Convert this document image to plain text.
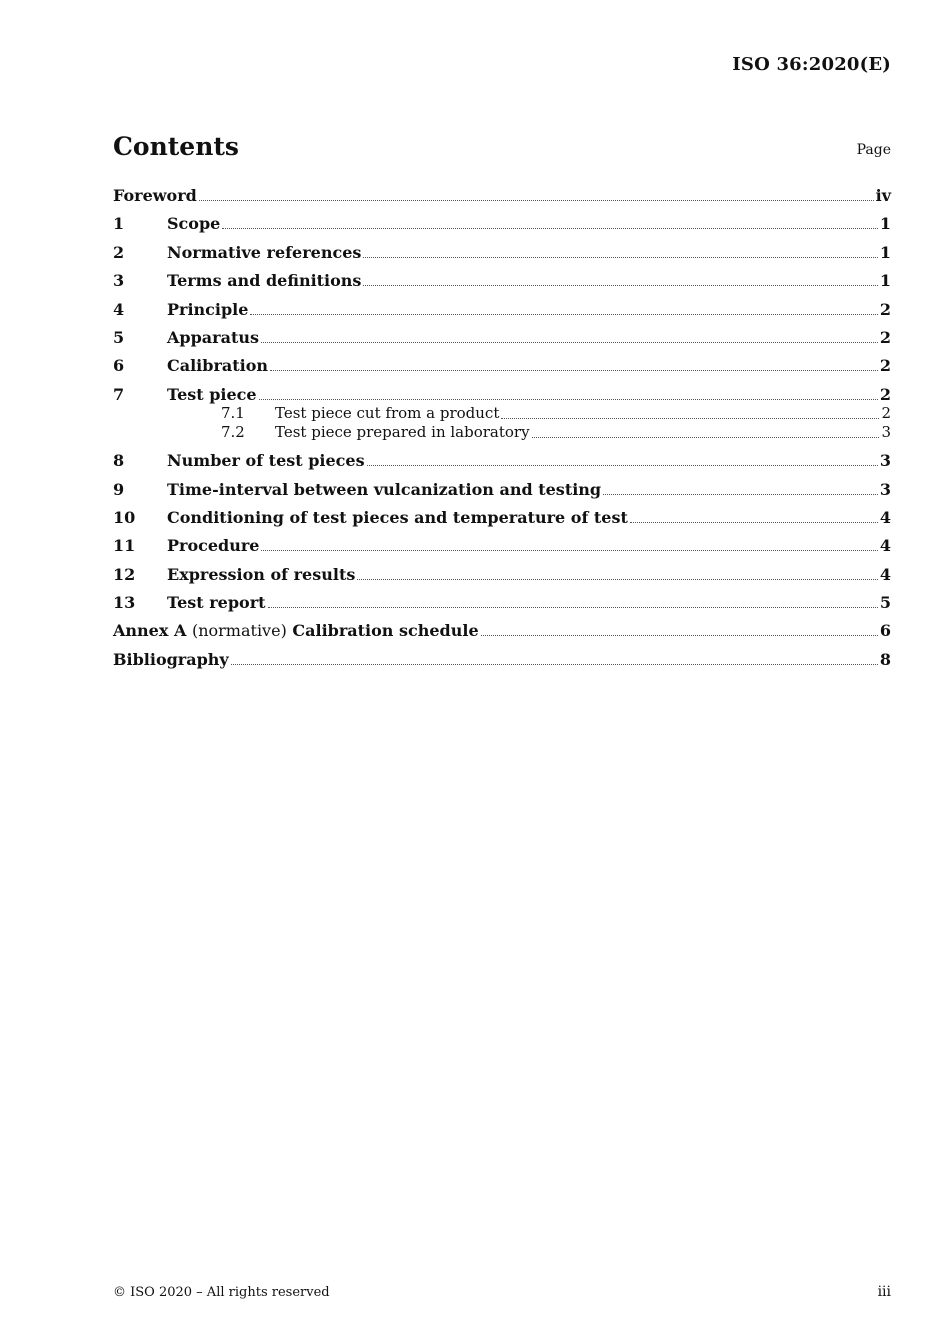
ISO 36:2020(E)
Contents	Page
Foreword	iv
1	Scope	1
2	Normative references	1
3	Terms and definitions	1
4	Principle	2
5	Apparatus	2
6	Calibration	2
7	Test piece	2
7.1	Test piece cut from a product	2
7.2	Test piece prepared in laboratory	3
8	Number of test pieces	3
9	Time-interval between vulcanization and testing	3
10	Conditioning of test pieces and temperature of test	4
11	Procedure	4
12	Expression of results	4
13	Test report	5
Annex A (normative) Calibration schedule	6
Bibliography	8
© ISO 2020 – All rights reserved	iii
